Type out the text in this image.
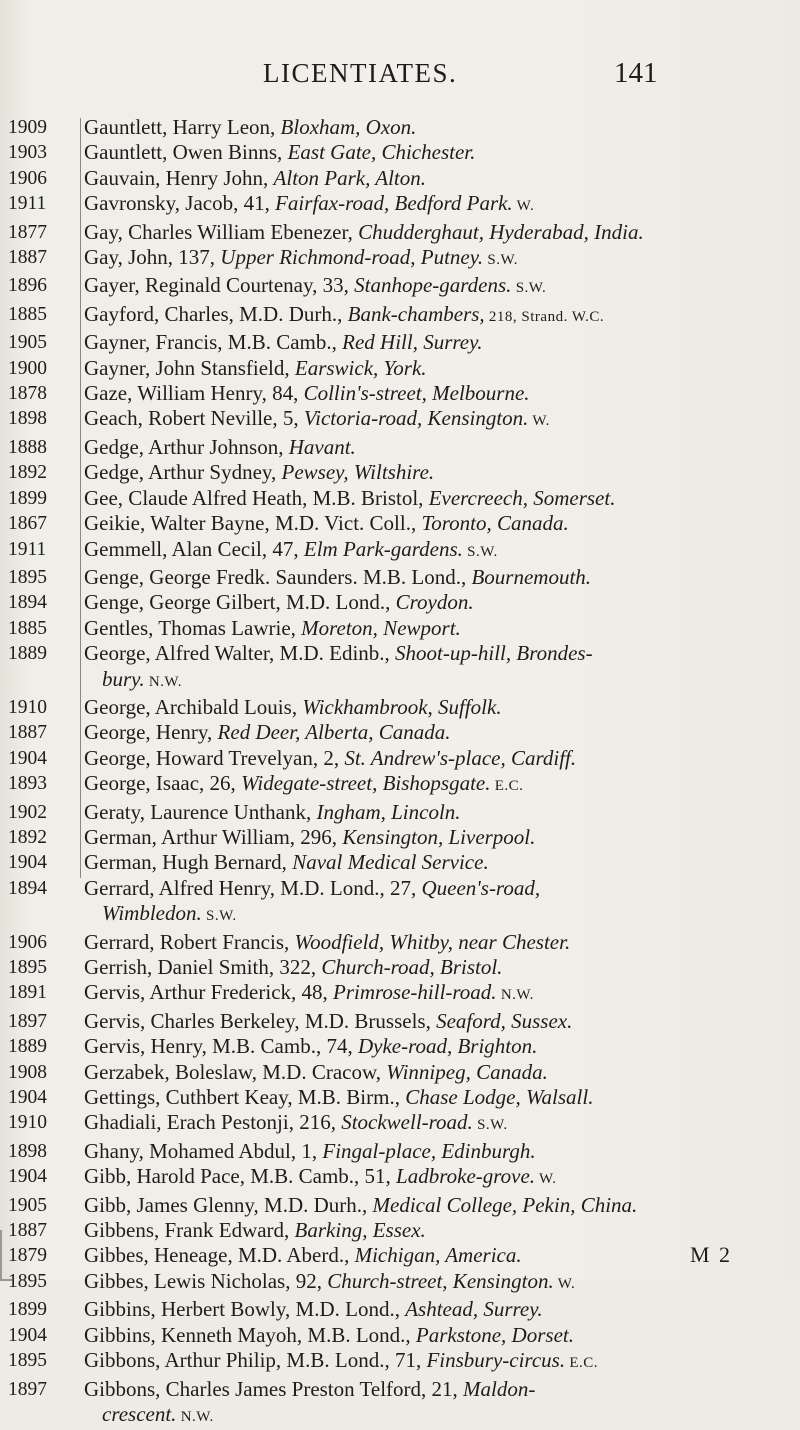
LICENTIATES.	141
1909	Gauntlett, Harry Leon, Bloxham, Oxon.
1903	Gauntlett, Owen Binns, East Gate, Chichester.
1906	Gauvain, Henry John, Alton Park, Alton.
1911	Gavronsky, Jacob, 41, Fairfax-road, Bedford Park. W.
1877	Gay, Charles William Ebenezer, Chudderghaut, Hyderabad, India.
1887	Gay, John, 137, Upper Richmond-road, Putney. S.W.
1896	Gayer, Reginald Courtenay, 33, Stanhope-gardens. S.W.
1885	Gayford, Charles, M.D. Durh., Bank-chambers, 218, Strand. W.C.
1905	Gayner, Francis, M.B. Camb., Red Hill, Surrey.
1900	Gayner, John Stansfield, Earswick, York.
1878	Gaze, William Henry, 84, Collin's-street, Melbourne.
1898	Geach, Robert Neville, 5, Victoria-road, Kensington. W.
1888	Gedge, Arthur Johnson, Havant.
1892	Gedge, Arthur Sydney, Pewsey, Wiltshire.
1899	Gee, Claude Alfred Heath, M.B. Bristol, Evercreech, Somerset.
1867	Geikie, Walter Bayne, M.D. Vict. Coll., Toronto, Canada.
1911	Gemmell, Alan Cecil, 47, Elm Park-gardens. S.W.
1895	Genge, George Fredk. Saunders. M.B. Lond., Bournemouth.
1894	Genge, George Gilbert, M.D. Lond., Croydon.
1885	Gentles, Thomas Lawrie, Moreton, Newport.
1889	George, Alfred Walter, M.D. Edinb., Shoot-up-hill, Brondes-
bury. N.W.
1910	George, Archibald Louis, Wickhambrook, Suffolk.
1887	George, Henry, Red Deer, Alberta, Canada.
1904	George, Howard Trevelyan, 2, St. Andrew's-place, Cardiff.
1893	George, Isaac, 26, Widegate-street, Bishopsgate. E.C.
1902	Geraty, Laurence Unthank, Ingham, Lincoln.
1892	German, Arthur William, 296, Kensington, Liverpool.
1904	German, Hugh Bernard, Naval Medical Service.
1894	Gerrard, Alfred Henry, M.D. Lond., 27, Queen's-road,
Wimbledon. S.W.
1906	Gerrard, Robert Francis, Woodfield, Whitby, near Chester.
1895	Gerrish, Daniel Smith, 322, Church-road, Bristol.
1891	Gervis, Arthur Frederick, 48, Primrose-hill-road. N.W.
1897	Gervis, Charles Berkeley, M.D. Brussels, Seaford, Sussex.
1889	Gervis, Henry, M.B. Camb., 74, Dyke-road, Brighton.
1908	Gerzabek, Boleslaw, M.D. Cracow, Winnipeg, Canada.
1904	Gettings, Cuthbert Keay, M.B. Birm., Chase Lodge, Walsall.
1910	Ghadiali, Erach Pestonji, 216, Stockwell-road. S.W.
1898	Ghany, Mohamed Abdul, 1, Fingal-place, Edinburgh.
1904	Gibb, Harold Pace, M.B. Camb., 51, Ladbroke-grove. W.
1905	Gibb, James Glenny, M.D. Durh., Medical College, Pekin, China.
1887	Gibbens, Frank Edward, Barking, Essex.
1879	Gibbes, Heneage, M.D. Aberd., Michigan, America.
1895	Gibbes, Lewis Nicholas, 92, Church-street, Kensington. W.
1899	Gibbins, Herbert Bowly, M.D. Lond., Ashtead, Surrey.
1904	Gibbins, Kenneth Mayoh, M.B. Lond., Parkstone, Dorset.
1895	Gibbons, Arthur Philip, M.B. Lond., 71, Finsbury-circus. E.C.
1897	Gibbons, Charles James Preston Telford, 21, Maldon-
crescent. N.W.
M 2
